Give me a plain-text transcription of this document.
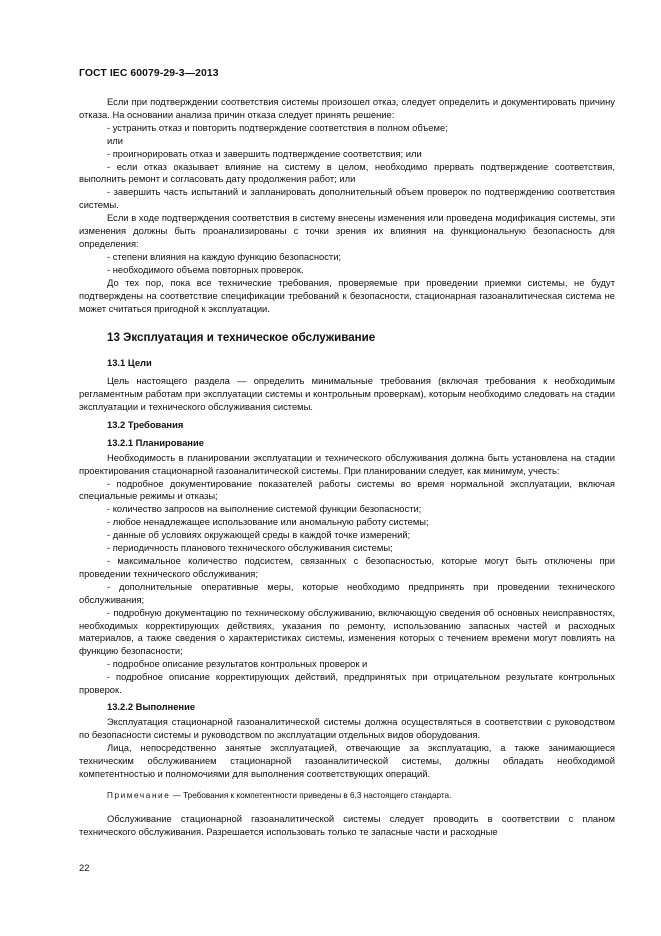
ГОСТ IEC 60079-29-3—2013

Если при подтверждении соответствия системы произошел отказ, следует определить и документировать причину отказа. На основании анализа причин отказа следует принять решение:

- устранить отказ и повторить подтверждение соответствия в полном объеме;

или

- проигнорировать отказ и завершить подтверждение соответствия; или

- если отказ оказывает влияние на систему в целом, необходимо прервать подтверждение соответствия, выполнить ремонт и согласовать дату продолжения работ; или

- завершить часть испытаний и запланировать дополнительный объем проверок по подтверждению соответствия системы.

Если в ходе подтверждения соответствия в систему внесены изменения или проведена модификация системы, эти изменения должны быть проанализированы с точки зрения их влияния на функциональную безопасность для определения:

- степени влияния на каждую функцию безопасности;

- необходимого объема повторных проверок.

До тех пор, пока все технические требования, проверяемые при проведении приемки системы, не будут подтверждены на соответствие спецификации требований к безопасности, стационарная газоаналитическая система не может считаться пригодной к эксплуатации.

13 Эксплуатация и техническое обслуживание
13.1 Цели

Цель настоящего раздела — определить минимальные требования (включая требования к необходимым регламентным работам при эксплуатации системы и контрольным проверкам), которым необходимо следовать на стадии эксплуатации и технического обслуживания системы.

13.2 Требования
13.2.1 Планирование

Необходимость в планировании эксплуатации и технического обслуживания должна быть установлена на стадии проектирования стационарной газоаналитической системы. При планировании следует, как минимум, учесть:

- подробное документирование показателей работы системы во время нормальной эксплуатации, включая специальные режимы и отказы;

- количество запросов на выполнение системой функции безопасности;

- любое ненадлежащее использование или аномальную работу системы;

- данные об условиях окружающей среды в каждой точке измерений;

- периодичность планового технического обслуживания системы;

- максимальное количество подсистем, связанных с безопасностью, которые могут быть отключены при проведении технического обслуживания;

- дополнительные оперативные меры, которые необходимо предпринять при проведении технического обслуживания;

- подробную документацию по техническому обслуживанию, включающую сведения об основных неисправностях, необходимых корректирующих действиях, указания по ремонту, использованию запасных частей и расходных материалов, а также сведения о характеристиках системы, изменения которых с течением времени могут повлиять на функцию безопасности;

- подробное описание результатов контрольных проверок и

- подробное описание корректирующих действий, предпринятых при отрицательном результате контрольных проверок.

13.2.2 Выполнение

Эксплуатация стационарной газоаналитической системы должна осуществляться в соответствии с руководством по безопасности системы и руководством по эксплуатации отдельных видов оборудования.

Лица, непосредственно занятые эксплуатацией, отвечающие за эксплуатацию, а также занимающиеся техническим обслуживанием стационарной газоаналитической системы, должны обладать необходимой компетентностью и полномочиями для выполнения соответствующих операций.

Примечание — Требования к компетентности приведены в 6.3 настоящего стандарта.

Обслуживание стационарной газоаналитической системы следует проводить в соответствии с планом технического обслуживания. Разрешается использовать только те запасные части и расходные

22
